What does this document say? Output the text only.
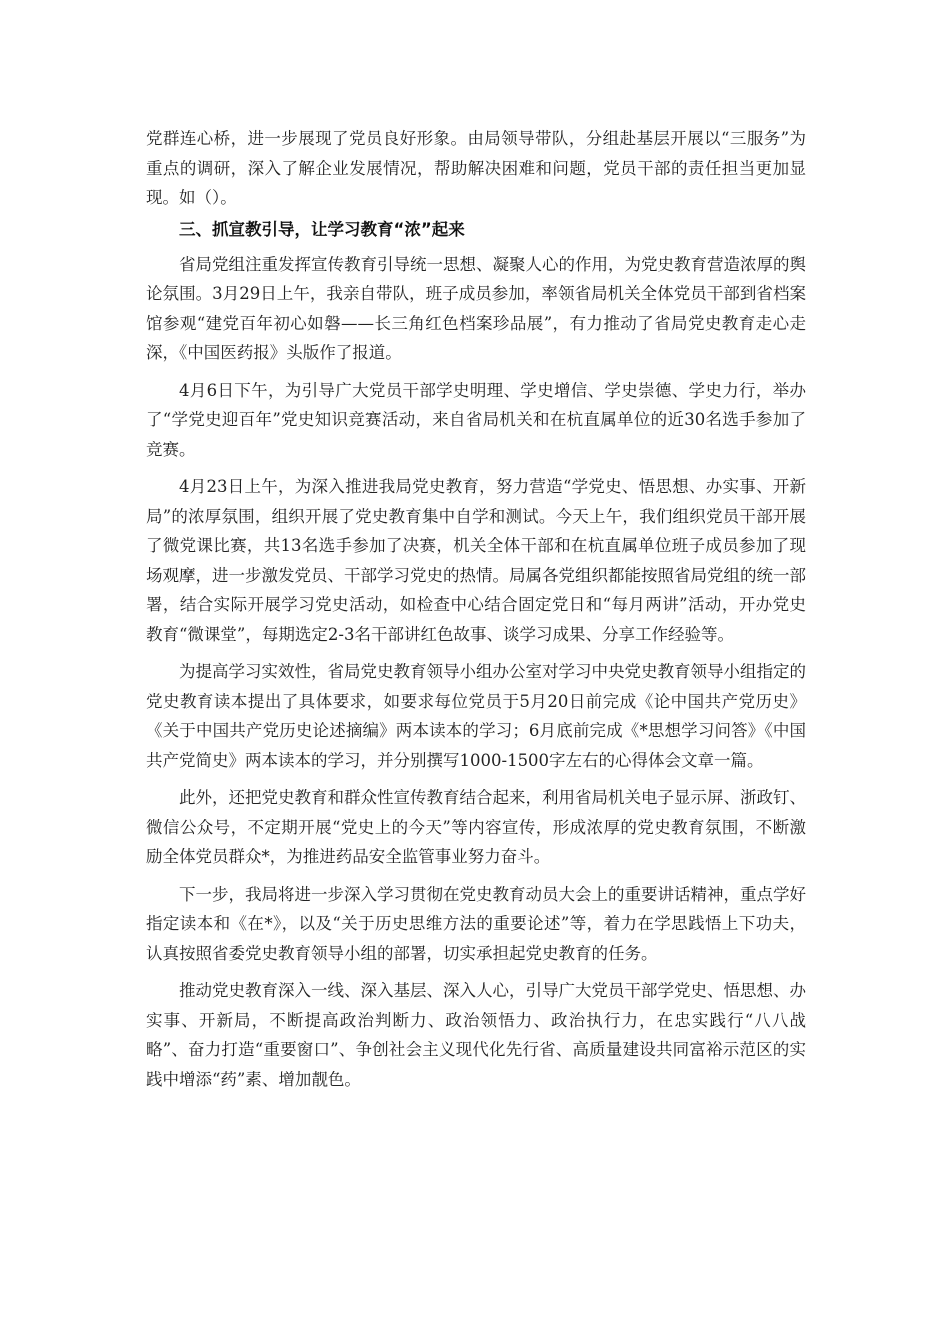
党群连心桥，进一步展现了党员良好形象。由局领导带队，分组赴基层开展以“三服务”为重点的调研，深入了解企业发展情况，帮助解决困难和问题，党员干部的责任担当更加显现。如（）。

三、抓宣教引导，让学习教育“浓”起来

省局党组注重发挥宣传教育引导统一思想、凝聚人心的作用，为党史教育营造浓厚的舆论氛围。3月29日上午，我亲自带队，班子成员参加，率领省局机关全体党员干部到省档案馆参观“建党百年初心如磐——长三角红色档案珍品展”，有力推动了省局党史教育走心走深，《中国医药报》头版作了报道。

4月6日下午，为引导广大党员干部学史明理、学史增信、学史崇德、学史力行，举办了“学党史迎百年”党史知识竞赛活动，来自省局机关和在杭直属单位的近30名选手参加了竞赛。

4月23日上午，为深入推进我局党史教育，努力营造“学党史、悟思想、办实事、开新局”的浓厚氛围，组织开展了党史教育集中自学和测试。今天上午，我们组织党员干部开展了微党课比赛，共13名选手参加了决赛，机关全体干部和在杭直属单位班子成员参加了现场观摩，进一步激发党员、干部学习党史的热情。局属各党组织都能按照省局党组的统一部署，结合实际开展学习党史活动，如检查中心结合固定党日和“每月两讲”活动，开办党史教育“微课堂”，每期选定2-3名干部讲红色故事、谈学习成果、分享工作经验等。

为提高学习实效性，省局党史教育领导小组办公室对学习中央党史教育领导小组指定的党史教育读本提出了具体要求，如要求每位党员于5月20日前完成《论中国共产党历史》《关于中国共产党历史论述摘编》两本读本的学习；6月底前完成《*思想学习问答》《中国共产党简史》两本读本的学习，并分别撰写1000-1500字左右的心得体会文章一篇。

此外，还把党史教育和群众性宣传教育结合起来，利用省局机关电子显示屏、浙政钉、微信公众号，不定期开展“党史上的今天”等内容宣传，形成浓厚的党史教育氛围，不断激励全体党员群众*，为推进药品安全监管事业努力奋斗。

下一步，我局将进一步深入学习贯彻在党史教育动员大会上的重要讲话精神，重点学好指定读本和《在*》，以及“关于历史思维方法的重要论述”等，着力在学思践悟上下功夫，认真按照省委党史教育领导小组的部署，切实承担起党史教育的任务。

推动党史教育深入一线、深入基层、深入人心，引导广大党员干部学党史、悟思想、办实事、开新局，不断提高政治判断力、政治领悟力、政治执行力，在忠实践行“八八战略”、奋力打造“重要窗口”、争创社会主义现代化先行省、高质量建设共同富裕示范区的实践中增添“药”素、增加靓色。
